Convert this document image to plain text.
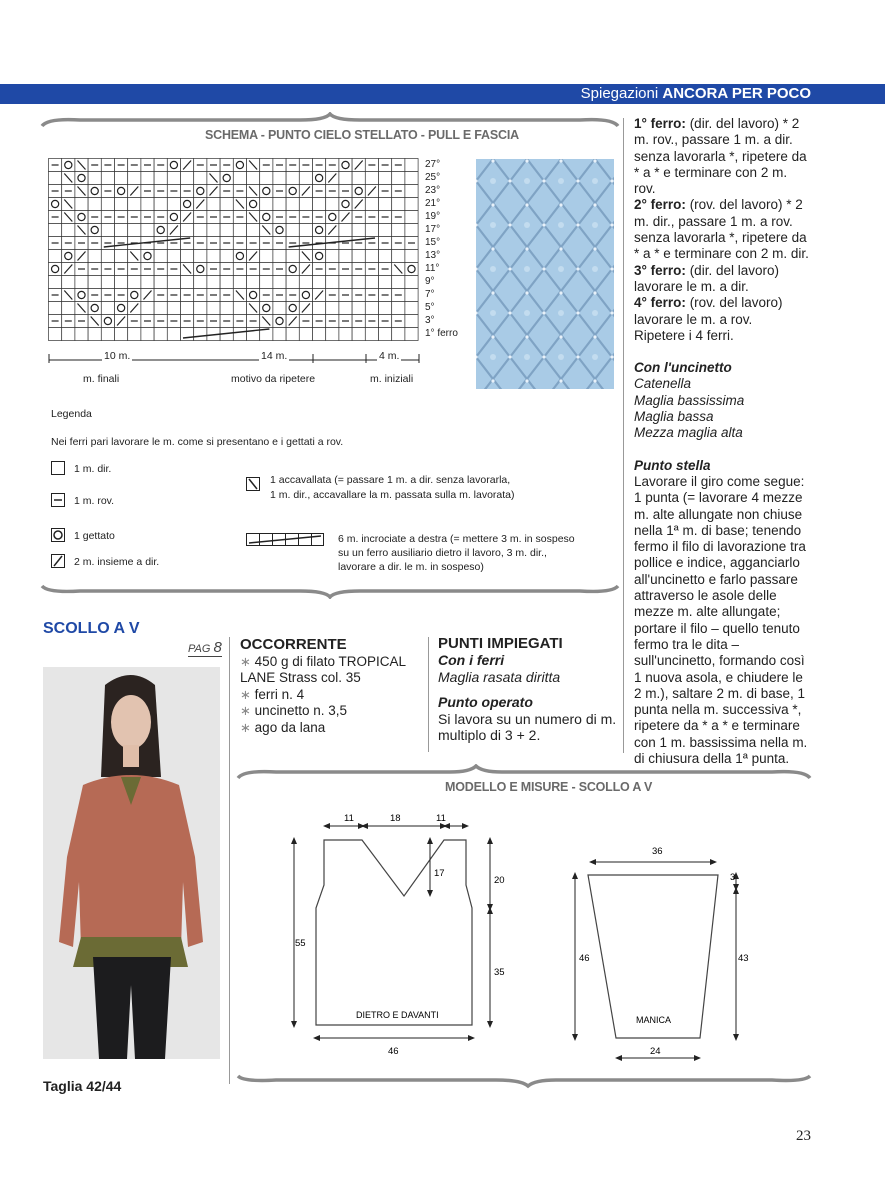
Spiegazioni ANCORA PER POCO
SCHEMA - PUNTO CIELO STELLATO - PULL E FASCIA
27°
25°
23°
21°
19°
17°
15°
13°
11°
9°
7°
5°
3°
1° ferro
10 m.	14 m.	4 m.
m. finali	motivo da ripetere	m. iniziali
Legenda
Nei ferri pari lavorare le m. come si presentano e i gettati a rov.
1 m. dir.
1 m. rov.
1 gettato
2 m. insieme a dir.
1 accavallata (= passare 1 m. a dir. senza lavorarla,
1 m. dir., accavallare la m. passata sulla m. lavorata)
6 m. incrociate a destra (= mettere 3 m. in sospeso
su un ferro ausiliario dietro il lavoro, 3 m. dir.,
lavorare a dir. le m. in sospeso)

1° ferro: (dir. del lavoro) * 2 m. rov., passare 1 m. a dir. senza lavorarla *, ripetere da * a * e terminare con 2 m. rov.

2° ferro: (rov. del lavoro) * 2 m. dir., passare 1 m. a rov. senza lavorarla *, ripetere da * a * e terminare con 2 m. dir.

3° ferro: (dir. del lavoro) lavorare le m. a dir.

4° ferro: (rov. del lavoro) lavorare le m. a rov.

Ripetere i 4 ferri.

Con l'uncinetto

Catenella

Maglia bassissima

Maglia bassa

Mezza maglia alta

Punto stella

Lavorare il giro come segue: 1 punta (= lavorare 4 mezze m. alte allungate non chiuse nella 1ª m. di base; tenendo fermo il filo di lavorazione tra pollice e indice, agganciarlo all'uncinetto e farlo passare attraverso le asole delle mezze m. alte allungate; portare il filo – quello tenuto fermo tra le dita – sull'uncinetto, formando così 1 nuova asola, e chiudere le 2 m.), saltare 2 m. di base, 1 punta nella m. successiva *, ripetere da * a * e terminare con 1 m. bassissima nella m. di chiusura della 1ª punta.

SCOLLO A V
PAG 8
Taglia 42/44
OCCORRENTE
∗ 450 g di filato TROPICAL LANE Strass col. 35
∗ ferri n. 4
∗ uncinetto n. 3,5
∗ ago da lana
PUNTI IMPIEGATI
Con i ferri
Maglia rasata diritta
Punto operato
Si lavora su un numero di m. multiplo di 3 + 2.
MODELLO E MISURE - SCOLLO A V
11	18	11
17
20
35
55
46
DIETRO E DAVANTI
36
3
46	43
24
MANICA
23
